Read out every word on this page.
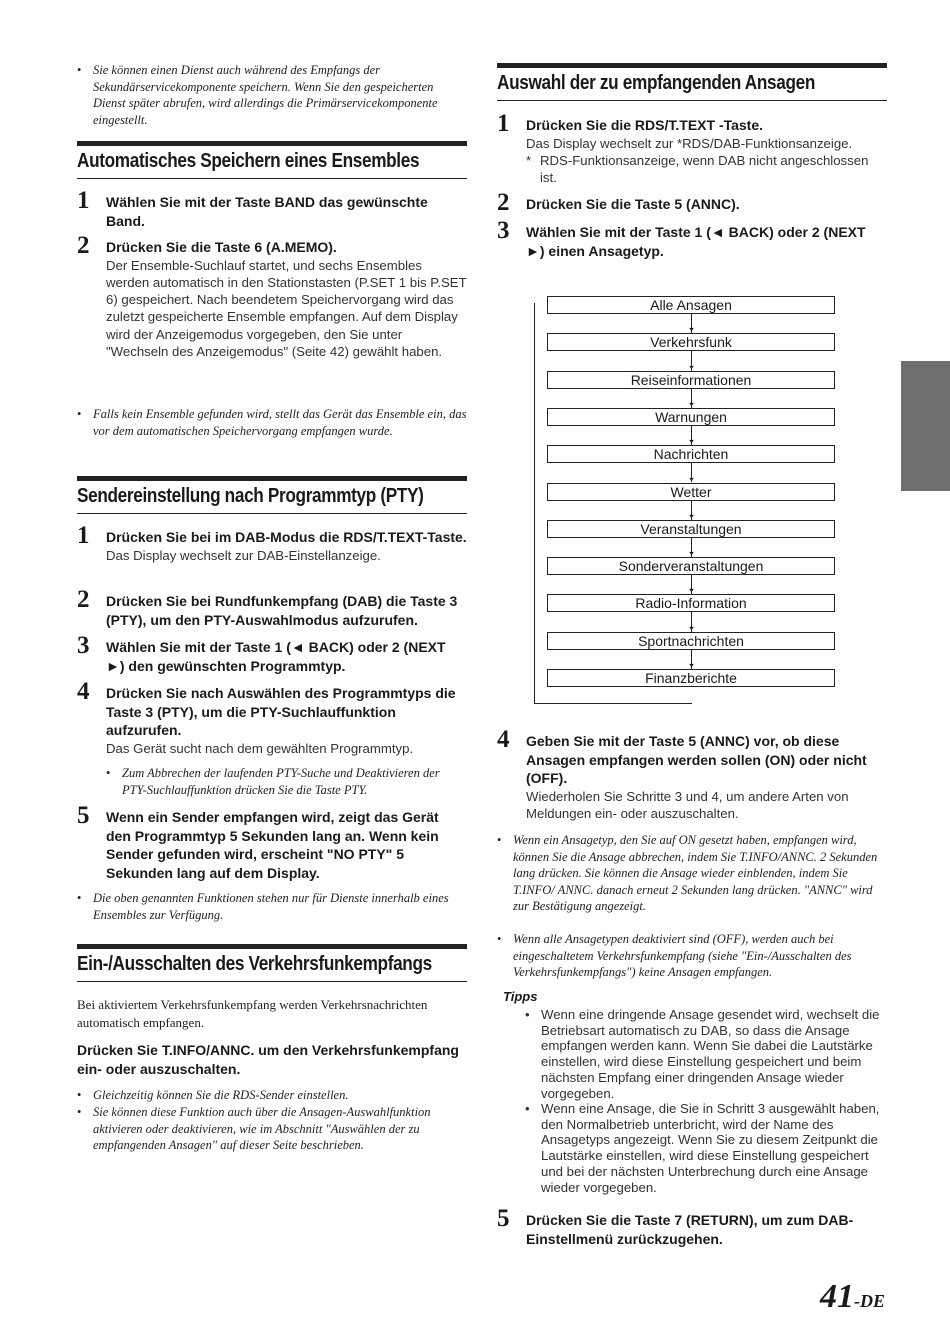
• Sie können einen Dienst auch während des Empfangs der Sekundärservicekomponente speichern. Wenn Sie den gespeicherten Dienst später abrufen, wird allerdings die Primärservicekomponente eingestellt.
Automatisches Speichern eines Ensembles
1 Wählen Sie mit der Taste BAND das gewünschte Band.
2 Drücken Sie die Taste 6 (A.MEMO).
Der Ensemble-Suchlauf startet, und sechs Ensembles werden automatisch in den Stationstasten (P.SET 1 bis P.SET 6) gespeichert. Nach beendetem Speichervorgang wird das zuletzt gespeicherte Ensemble empfangen. Auf dem Display wird der Anzeigemodus vorgegeben, den Sie unter "Wechseln des Anzeigemodus" (Seite 42) gewählt haben.
• Falls kein Ensemble gefunden wird, stellt das Gerät das Ensemble ein, das vor dem automatischen Speichervorgang empfangen wurde.
Sendereinstellung nach Programmtyp (PTY)
1 Drücken Sie bei im DAB-Modus die RDS/T.TEXT-Taste.
Das Display wechselt zur DAB-Einstellanzeige.
2 Drücken Sie bei Rundfunkempfang (DAB) die Taste 3 (PTY), um den PTY-Auswahlmodus aufzurufen.
3 Wählen Sie mit der Taste 1 (◄ BACK) oder 2 (NEXT ►) den gewünschten Programmtyp.
4 Drücken Sie nach Auswählen des Programmtyps die Taste 3 (PTY), um die PTY-Suchlauffunktion aufzurufen.
Das Gerät sucht nach dem gewählten Programmtyp.
• Zum Abbrechen der laufenden PTY-Suche und Deaktivieren der PTY-Suchlauffunktion drücken Sie die Taste PTY.
5 Wenn ein Sender empfangen wird, zeigt das Gerät den Programmtyp 5 Sekunden lang an. Wenn kein Sender gefunden wird, erscheint "NO PTY" 5 Sekunden lang auf dem Display.
• Die oben genannten Funktionen stehen nur für Dienste innerhalb eines Ensembles zur Verfügung.
Ein-/Ausschalten des Verkehrsfunkempfangs
Bei aktiviertem Verkehrsfunkempfang werden Verkehrsnachrichten automatisch empfangen.
Drücken Sie T.INFO/ANNC. um den Verkehrsfunkempfang ein- oder auszuschalten.
• Gleichzeitig können Sie die RDS-Sender einstellen.
• Sie können diese Funktion auch über die Ansagen-Auswahlfunktion aktivieren oder deaktivieren, wie im Abschnitt "Auswählen der zu empfangenden Ansagen" auf dieser Seite beschrieben.
Auswahl der zu empfangenden Ansagen
1 Drücken Sie die RDS/T.TEXT -Taste.
Das Display wechselt zur *RDS/DAB-Funktionsanzeige.
* RDS-Funktionsanzeige, wenn DAB nicht angeschlossen ist.
2 Drücken Sie die Taste 5 (ANNC).
3 Wählen Sie mit der Taste 1 (◄ BACK) oder 2 (NEXT ►) einen Ansagetyp.
Alle Ansagen
▼
Verkehrsfunk
▼
Reiseinformationen
▼
Warnungen
▼
Nachrichten
▼
Wetter
▼
Veranstaltungen
▼
Sonderveranstaltungen
▼
Radio-Information
▼
Sportnachrichten
▼
Finanzberichte
4 Geben Sie mit der Taste 5 (ANNC) vor, ob diese Ansagen empfangen werden sollen (ON) oder nicht (OFF).
Wiederholen Sie Schritte 3 und 4, um andere Arten von Meldungen ein- oder auszuschalten.
• Wenn ein Ansagetyp, den Sie auf ON gesetzt haben, empfangen wird, können Sie die Ansage abbrechen, indem Sie T.INFO/ANNC. 2 Sekunden lang drücken. Sie können die Ansage wieder einblenden, indem Sie T.INFO/ ANNC. danach erneut 2 Sekunden lang drücken. "ANNC" wird zur Bestätigung angezeigt.
• Wenn alle Ansagetypen deaktiviert sind (OFF), werden auch bei eingeschaltetem Verkehrsfunkempfang (siehe "Ein-/Ausschalten des Verkehrsfunkempfangs") keine Ansagen empfangen.
Tipps
• Wenn eine dringende Ansage gesendet wird, wechselt die Betriebsart automatisch zu DAB, so dass die Ansage empfangen werden kann. Wenn Sie dabei die Lautstärke einstellen, wird diese Einstellung gespeichert und beim nächsten Empfang einer dringenden Ansage wieder vorgegeben.
• Wenn eine Ansage, die Sie in Schritt 3 ausgewählt haben, den Normalbetrieb unterbricht, wird der Name des Ansagetyps angezeigt. Wenn Sie zu diesem Zeitpunkt die Lautstärke einstellen, wird diese Einstellung gespeichert und bei der nächsten Unterbrechung durch eine Ansage wieder vorgegeben.
5 Drücken Sie die Taste 7 (RETURN), um zum DAB-Einstellmenü zurückzugehen.
41-DE
